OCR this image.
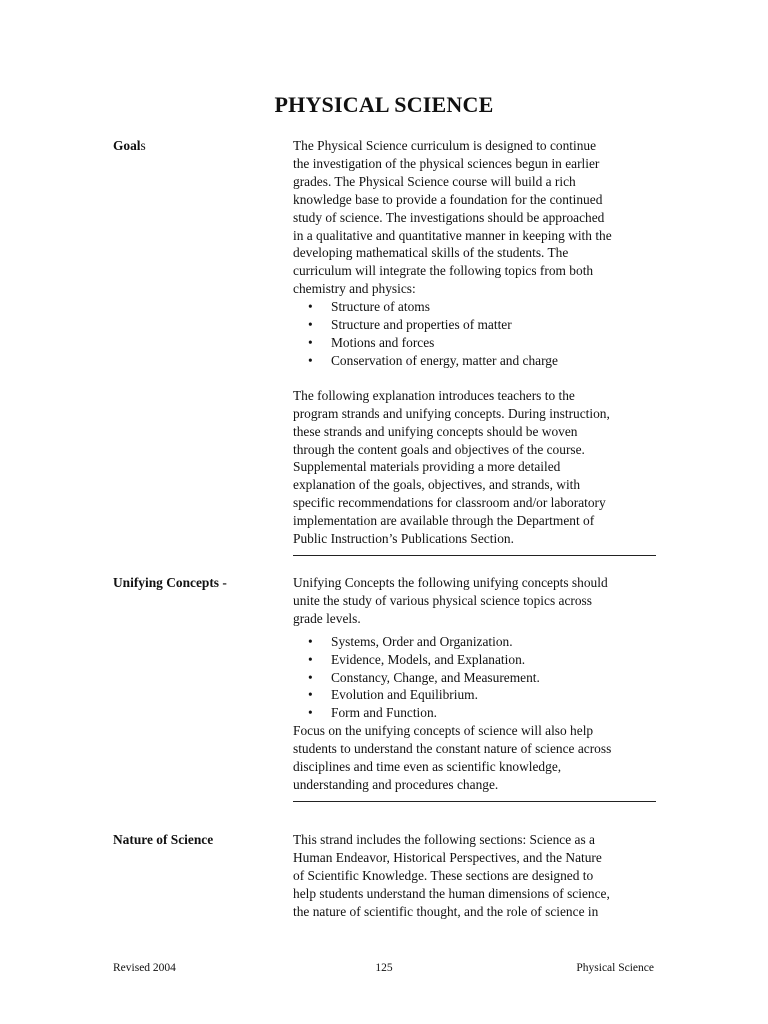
PHYSICAL SCIENCE
Goals	The Physical Science curriculum is designed to continue
the investigation of the physical sciences begun in earlier
grades. The Physical Science course will build a rich
knowledge base to provide a foundation for the continued
study of science. The investigations should be approached
in a qualitative and quantitative manner in keeping with the
developing mathematical skills of the students. The
curriculum will integrate the following topics from both
chemistry and physics:

• Structure of atoms
• Structure and properties of matter
• Motions and forces
• Conservation of energy, matter and charge

The following explanation introduces teachers to the
program strands and unifying concepts. During instruction,
these strands and unifying concepts should be woven
through the content goals and objectives of the course.
Supplemental materials providing a more detailed
explanation of the goals, objectives, and strands, with
specific recommendations for classroom and/or laboratory
implementation are available through the Department of
Public Instruction’s Publications Section.

Unifying Concepts -	Unifying Concepts the following unifying concepts should
unite the study of various physical science topics across
grade levels.

• Systems, Order and Organization.
• Evidence, Models, and Explanation.
• Constancy, Change, and Measurement.
• Evolution and Equilibrium.
• Form and Function.

Focus on the unifying concepts of science will also help
students to understand the constant nature of science across
disciplines and time even as scientific knowledge,
understanding and procedures change.

Nature of Science	This strand includes the following sections: Science as a
Human Endeavor, Historical Perspectives, and the Nature
of Scientific Knowledge. These sections are designed to
help students understand the human dimensions of science,
the nature of scientific thought, and the role of science in

Revised 2004	125	Physical Science
